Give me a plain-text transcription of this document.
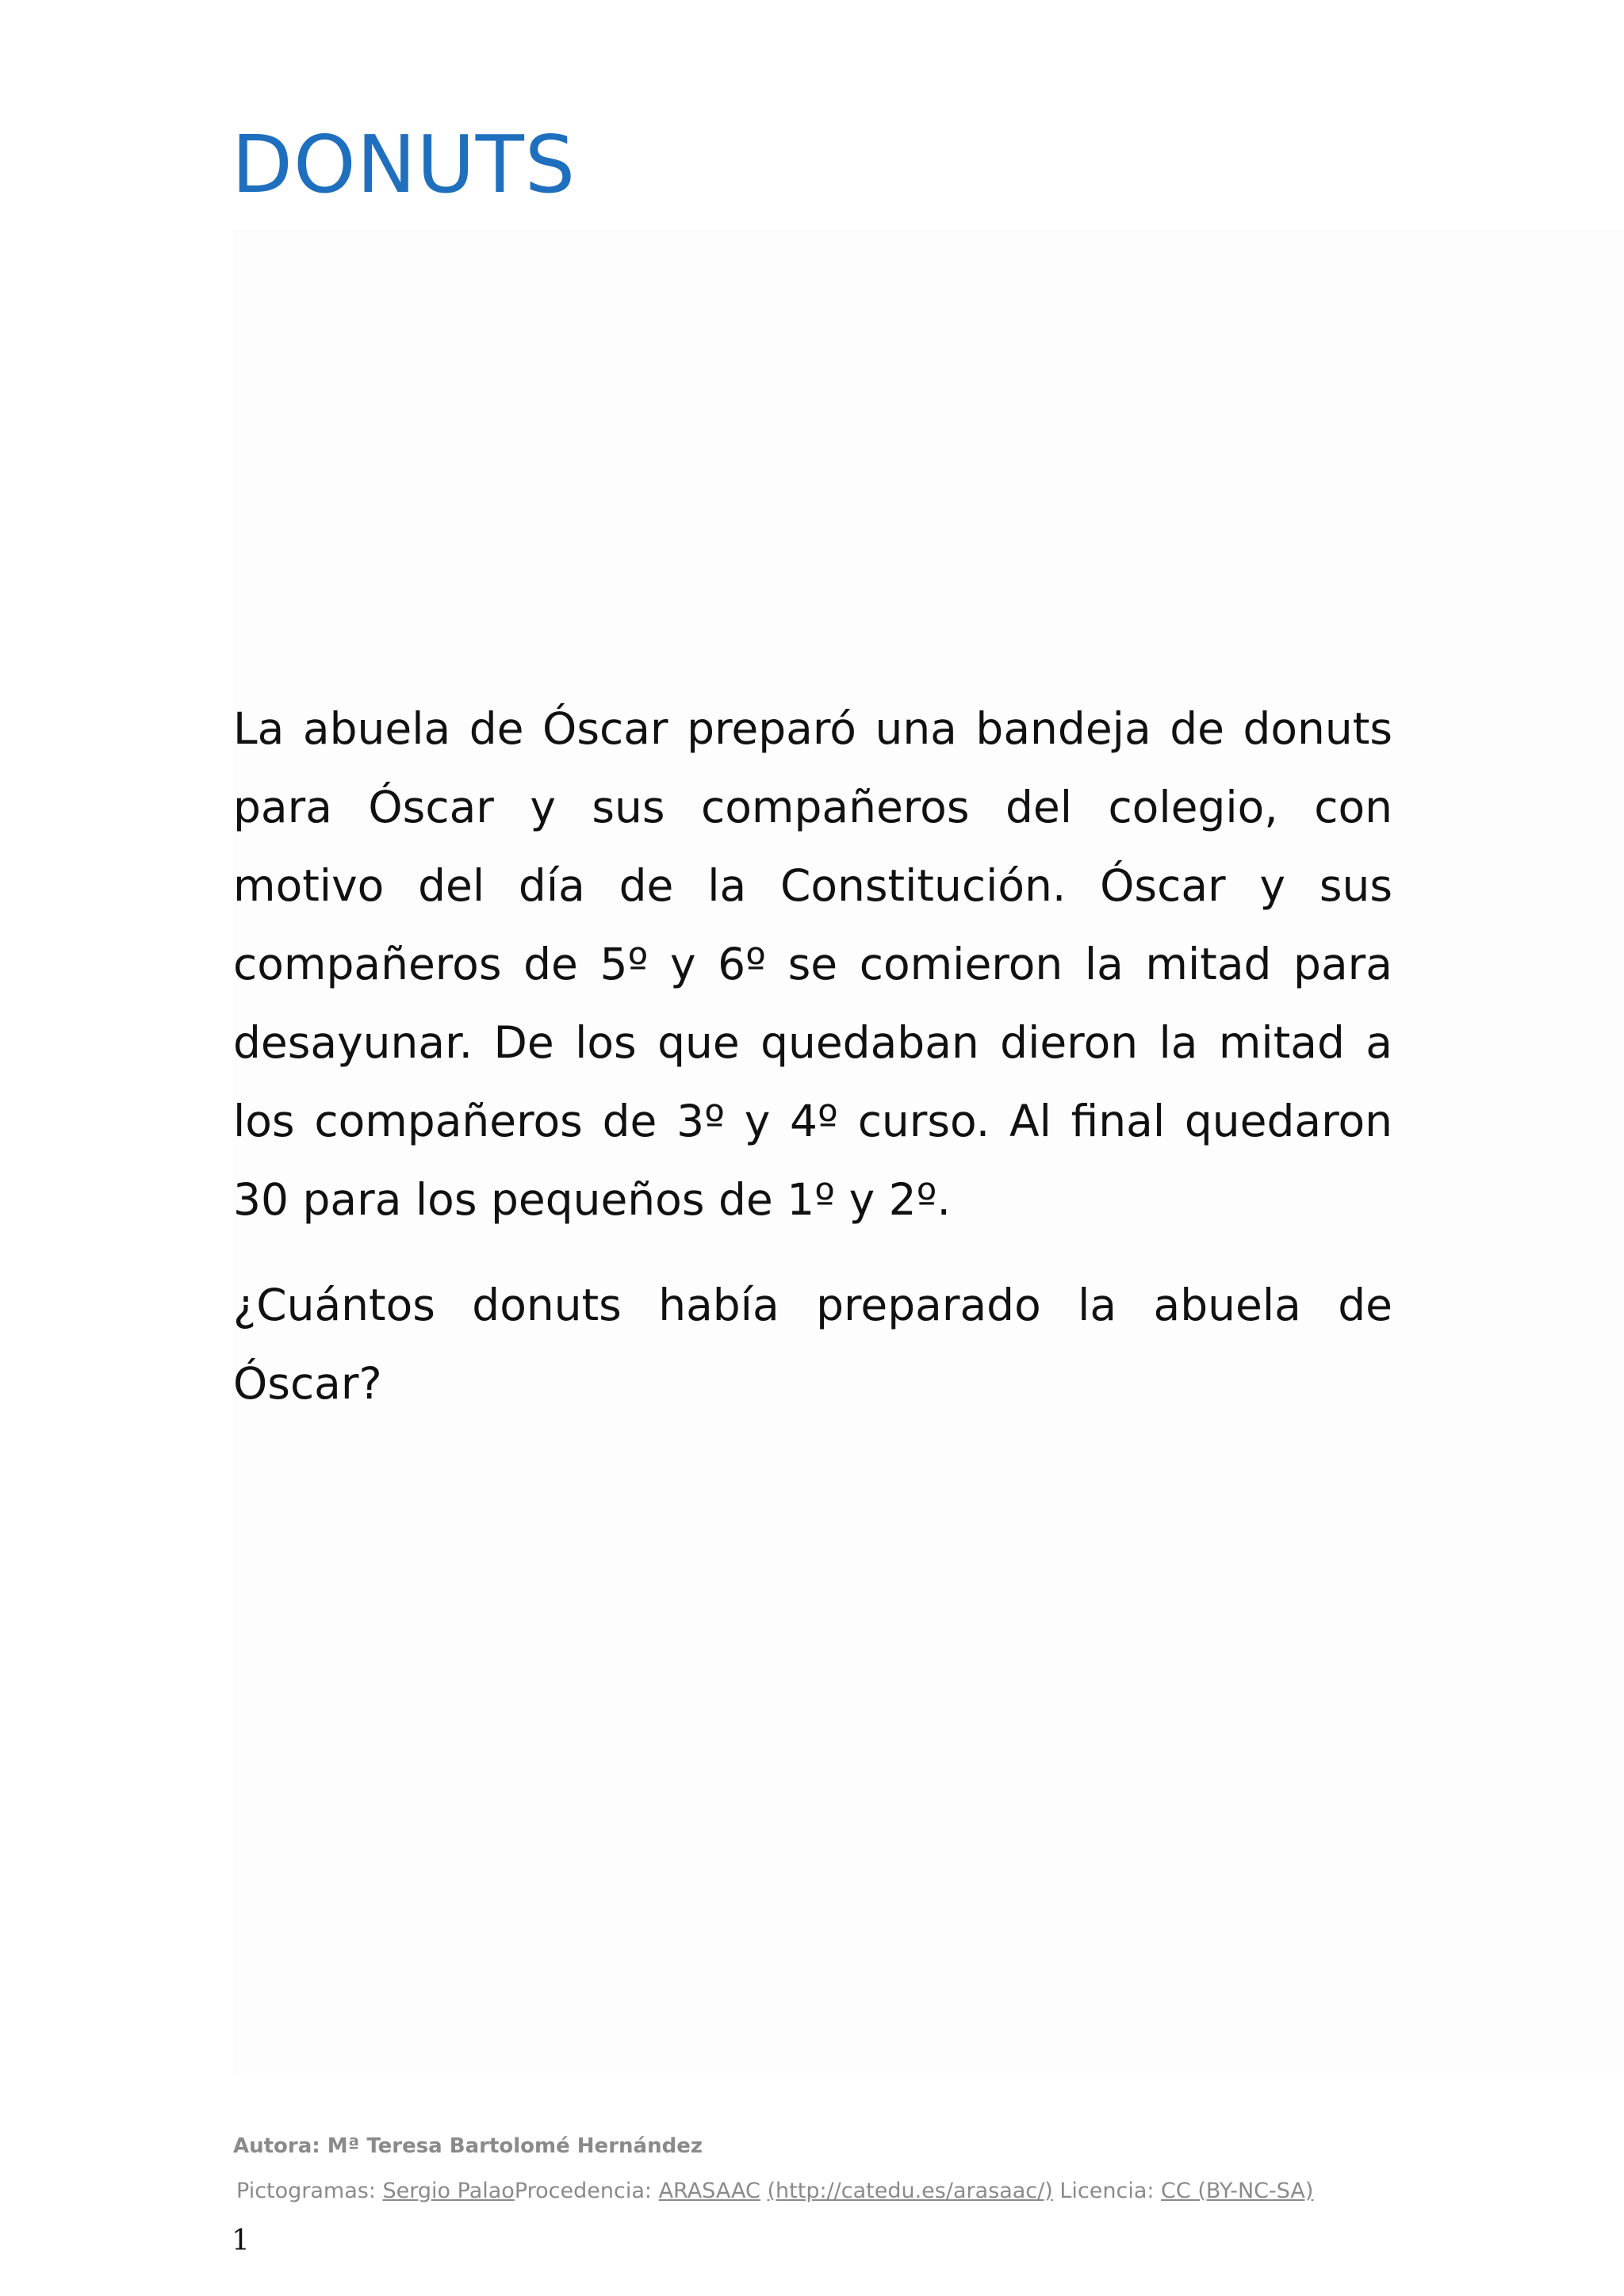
DONUTS

La abuela de Óscar preparó una bandeja de donuts para Óscar y sus compañeros del colegio, con motivo del día de la Constitución. Óscar y sus compañeros de 5º y 6º se comieron la mitad para desayunar. De los que quedaban dieron la mitad a los compañeros de 3º y 4º curso. Al final quedaron 30 para los pequeños de 1º y 2º.

¿Cuántos donuts había preparado la abuela de Óscar?

Autora: Mª Teresa Bartolomé Hernández

Pictogramas: Sergio PalaoProcedencia: ARASAAC (http://catedu.es/arasaac/) Licencia: CC (BY-NC-SA)

1
